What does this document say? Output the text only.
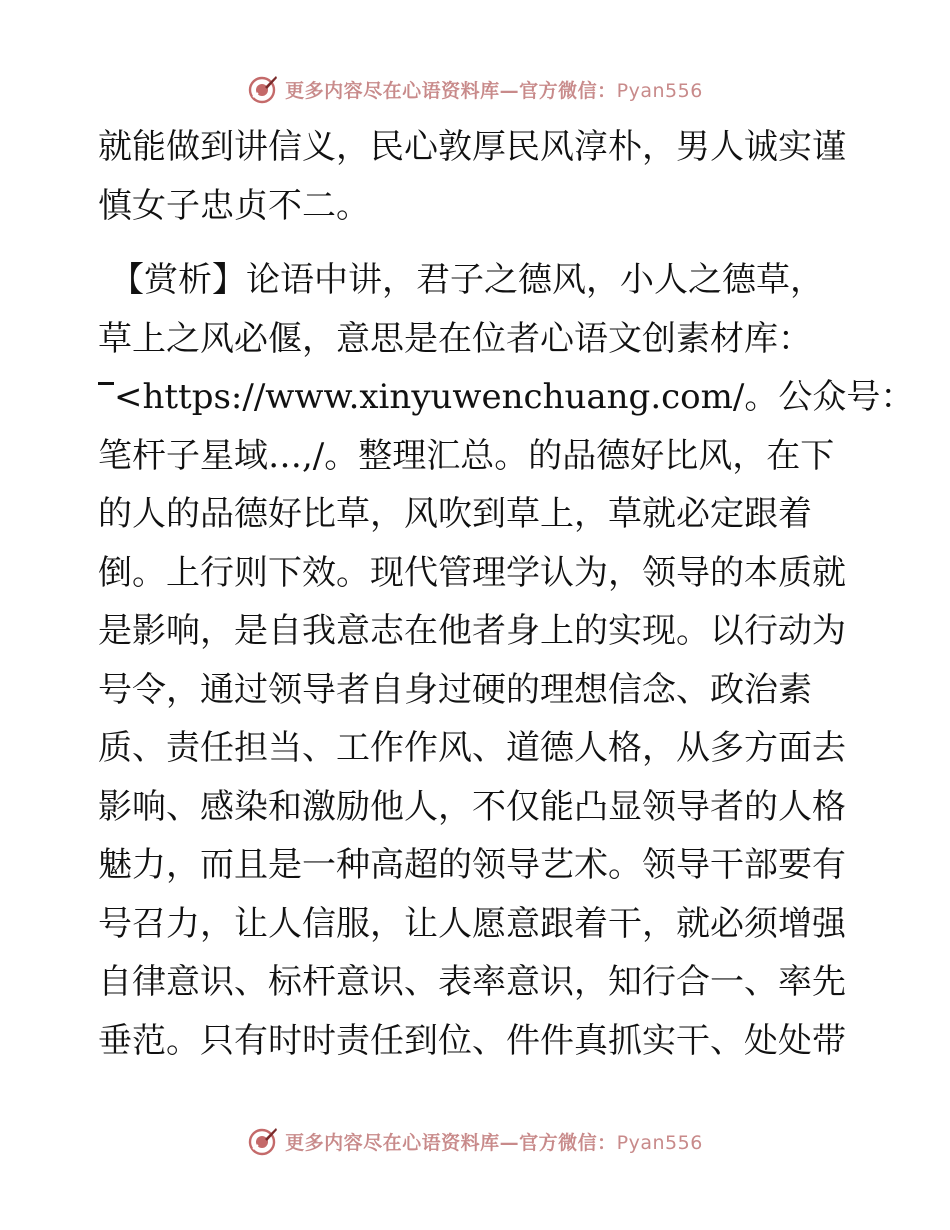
更多内容尽在心语资料库—官方微信：Pyan556
就能做到讲信义，民心敦厚民风淳朴，男人诚实谨
慎女子忠贞不二。
【赏析】论语中讲，君子之德风，小人之德草，
草上之风必偃，意思是在位者心语文创素材库：
<https://www.xinyuwenchuang.com/。公众号：
笔杆子星域…,/。整理汇总。的品德好比风，在下
的人的品德好比草，风吹到草上，草就必定跟着
倒。上行则下效。现代管理学认为，领导的本质就
是影响，是自我意志在他者身上的实现。以行动为
号令，通过领导者自身过硬的理想信念、政治素
质、责任担当、工作作风、道德人格，从多方面去
影响、感染和激励他人，不仅能凸显领导者的人格
魅力，而且是一种高超的领导艺术。领导干部要有
号召力，让人信服，让人愿意跟着干，就必须增强
自律意识、标杆意识、表率意识，知行合一、率先
垂范。只有时时责任到位、件件真抓实干、处处带
更多内容尽在心语资料库—官方微信：Pyan556
